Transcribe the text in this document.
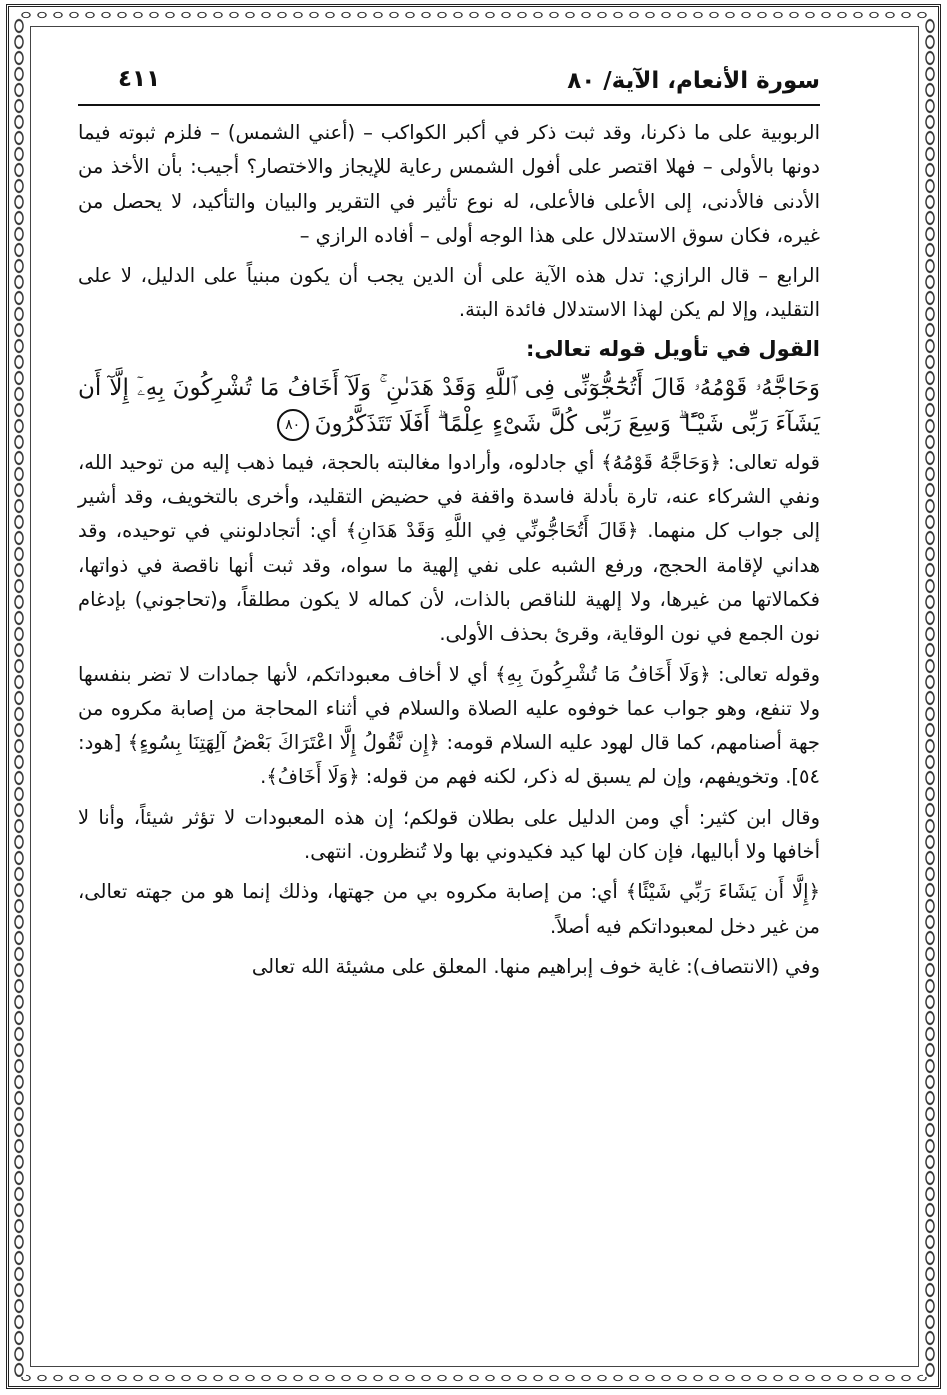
سورة الأنعام، الآية/ ٨٠
٤١١

الربوبية على ما ذكرنا، وقد ثبت ذكر في أكبر الكواكب – (أعني الشمس) – فلزم ثبوته فيما دونها بالأولى – فهلا اقتصر على أفول الشمس رعاية للإيجاز والاختصار؟ أجيب: بأن الأخذ من الأدنى فالأدنى، إلى الأعلى فالأعلى، له نوع تأثير في التقرير والبيان والتأكيد، لا يحصل من غيره، فكان سوق الاستدلال على هذا الوجه أولى – أفاده الرازي –

الرابع – قال الرازي: تدل هذه الآية على أن الدين يجب أن يكون مبنياً على الدليل، لا على التقليد، وإلا لم يكن لهذا الاستدلال فائدة البتة.

القول في تأويل قوله تعالى:

وَحَاجَّهُۥ قَوْمُهُۥ قَالَ أَتُحَٰٓجُّوٓنِّى فِى ٱللَّهِ وَقَدْ هَدَىٰنِ ۚ وَلَآ أَخَافُ مَا تُشْرِكُونَ بِهِۦٓ إِلَّآ أَن يَشَآءَ رَبِّى شَيْـًٔا ۗ وَسِعَ رَبِّى كُلَّ شَىْءٍ عِلْمًا ۗ أَفَلَا تَتَذَكَّرُونَ٨٠

قوله تعالى: ﴿وَحَاجَّهُ قَوْمُهُ﴾ أي جادلوه، وأرادوا مغالبته بالحجة، فيما ذهب إليه من توحيد الله، ونفي الشركاء عنه، تارة بأدلة فاسدة واقفة في حضيض التقليد، وأخرى بالتخويف، وقد أشير إلى جواب كل منهما. ﴿قَالَ أَتُحَاجُّونِّي فِي اللَّهِ وَقَدْ هَدَانِ﴾ أي: أتجادلونني في توحيده، وقد هداني لإقامة الحجج، ورفع الشبه على نفي إلهية ما سواه، وقد ثبت أنها ناقصة في ذواتها، فكمالاتها من غيرها، ولا إلهية للناقص بالذات، لأن كماله لا يكون مطلقاً، و(تحاجوني) بإدغام نون الجمع في نون الوقاية، وقرئ بحذف الأولى.

وقوله تعالى: ﴿وَلَا أَخَافُ مَا تُشْرِكُونَ بِهِ﴾ أي لا أخاف معبوداتكم، لأنها جمادات لا تضر بنفسها ولا تنفع، وهو جواب عما خوفوه عليه الصلاة والسلام في أثناء المحاجة من إصابة مكروه من جهة أصنامهم، كما قال لهود عليه السلام قومه: ﴿إِن نَّقُولُ إِلَّا اعْتَرَاكَ بَعْضُ آلِهَتِنَا بِسُوءٍ﴾ [هود: ٥٤]. وتخويفهم، وإن لم يسبق له ذكر، لكنه فهم من قوله: ﴿وَلَا أَخَافُ﴾.

وقال ابن كثير: أي ومن الدليل على بطلان قولكم؛ إن هذه المعبودات لا تؤثر شيئاً، وأنا لا أخافها ولا أباليها، فإن كان لها كيد فكيدوني بها ولا تُنظرون. انتهى.

﴿إِلَّا أَن يَشَاءَ رَبِّي شَيْئًا﴾ أي: من إصابة مكروه بي من جهتها، وذلك إنما هو من جهته تعالى، من غير دخل لمعبوداتكم فيه أصلاً.

وفي (الانتصاف): غاية خوف إبراهيم منها. المعلق على مشيئة الله تعالى
